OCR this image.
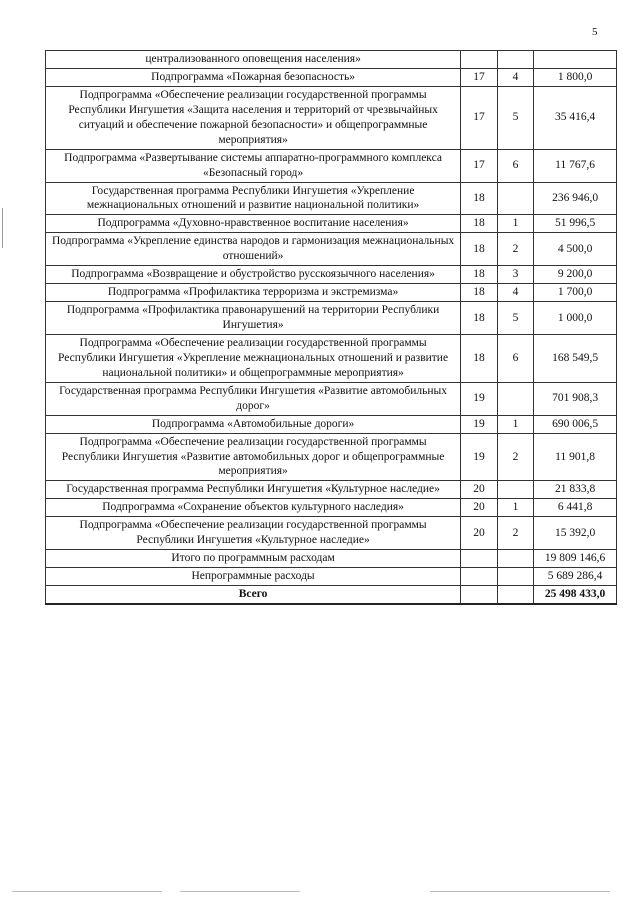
5
централизованного оповещения населения»			
Подпрограмма «Пожарная безопасность»	17	4	1 800,0
Подпрограмма «Обеспечение реализации государственной программы Республики Ингушетия «Защита населения и территорий от чрезвычайных ситуаций и обеспечение пожарной безопасности» и общепрограммные мероприятия»	17	5	35 416,4
Подпрограмма «Развертывание системы аппаратно-программного комплекса «Безопасный город»	17	6	11 767,6
Государственная программа Республики Ингушетия «Укрепление межнациональных отношений и развитие национальной политики»	18		236 946,0
Подпрограмма «Духовно-нравственное воспитание населения»	18	1	51 996,5
Подпрограмма «Укрепление единства народов и гармонизация межнациональных отношений»	18	2	4 500,0
Подпрограмма «Возвращение и обустройство русскоязычного населения»	18	3	9 200,0
Подпрограмма «Профилактика терроризма и экстремизма»	18	4	1 700,0
Подпрограмма «Профилактика правонарушений на территории Республики Ингушетия»	18	5	1 000,0
Подпрограмма «Обеспечение реализации государственной программы Республики Ингушетия «Укрепление межнациональных отношений и развитие национальной политики» и общепрограммные мероприятия»	18	6	168 549,5
Государственная программа Республики Ингушетия «Развитие автомобильных дорог»	19		701 908,3
Подпрограмма «Автомобильные дороги»	19	1	690 006,5
Подпрограмма «Обеспечение реализации государственной программы Республики Ингушетия «Развитие автомобильных дорог и общепрограммные мероприятия»	19	2	11 901,8
Государственная программа Республики Ингушетия «Культурное наследие»	20		21 833,8
Подпрограмма «Сохранение объектов культурного наследия»	20	1	6 441,8
Подпрограмма «Обеспечение реализации государственной программы Республики Ингушетия «Культурное наследие»	20	2	15 392,0
Итого по программным расходам			19 809 146,6
Непрограммные расходы			5 689 286,4
Всего			25 498 433,0
